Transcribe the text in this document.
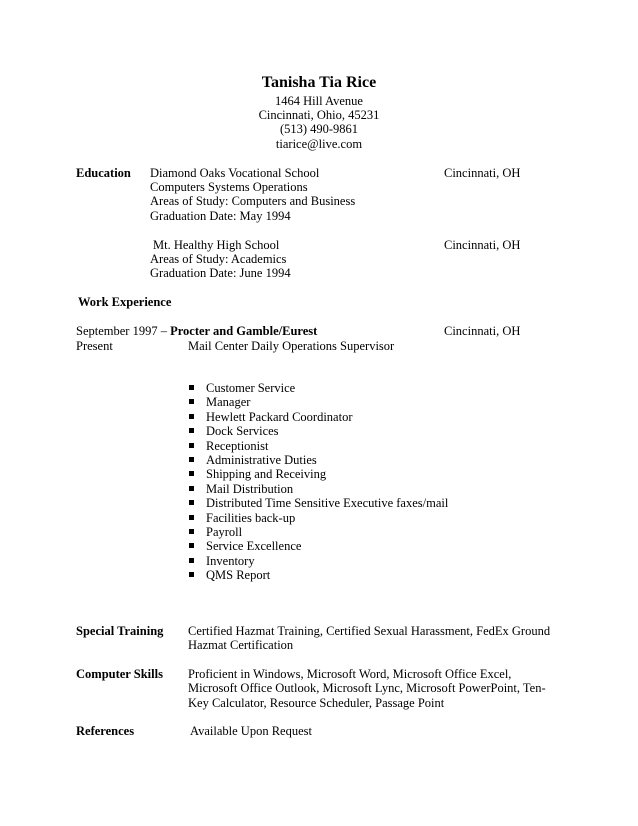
Tanisha Tia Rice
1464 Hill Avenue
Cincinnati, Ohio, 45231
(513) 490-9861
tiarice@live.com
Education Diamond Oaks Vocational School	Cincinnati, OH
Computers Systems Operations
Areas of Study: Computers and Business
Graduation Date: May 1994
Mt. Healthy High School	Cincinnati, OH
Areas of Study: Academics
Graduation Date: June 1994
Work Experience
September 1997 – Procter and Gamble/Eurest	Cincinnati, OH
Present	Mail Center Daily Operations Supervisor
Customer Service
Manager
Hewlett Packard Coordinator
Dock Services
Receptionist
Administrative Duties
Shipping and Receiving
Mail Distribution
Distributed Time Sensitive Executive faxes/mail
Facilities back-up
Payroll
Service Excellence
Inventory
QMS Report
Special Training Certified Hazmat Training, Certified Sexual Harassment, FedEx Ground
Hazmat Certification
Computer Skills Proficient in Windows, Microsoft Word, Microsoft Office Excel,
Microsoft Office Outlook, Microsoft Lync, Microsoft PowerPoint, Ten-
Key Calculator, Resource Scheduler, Passage Point
References	Available Upon Request
